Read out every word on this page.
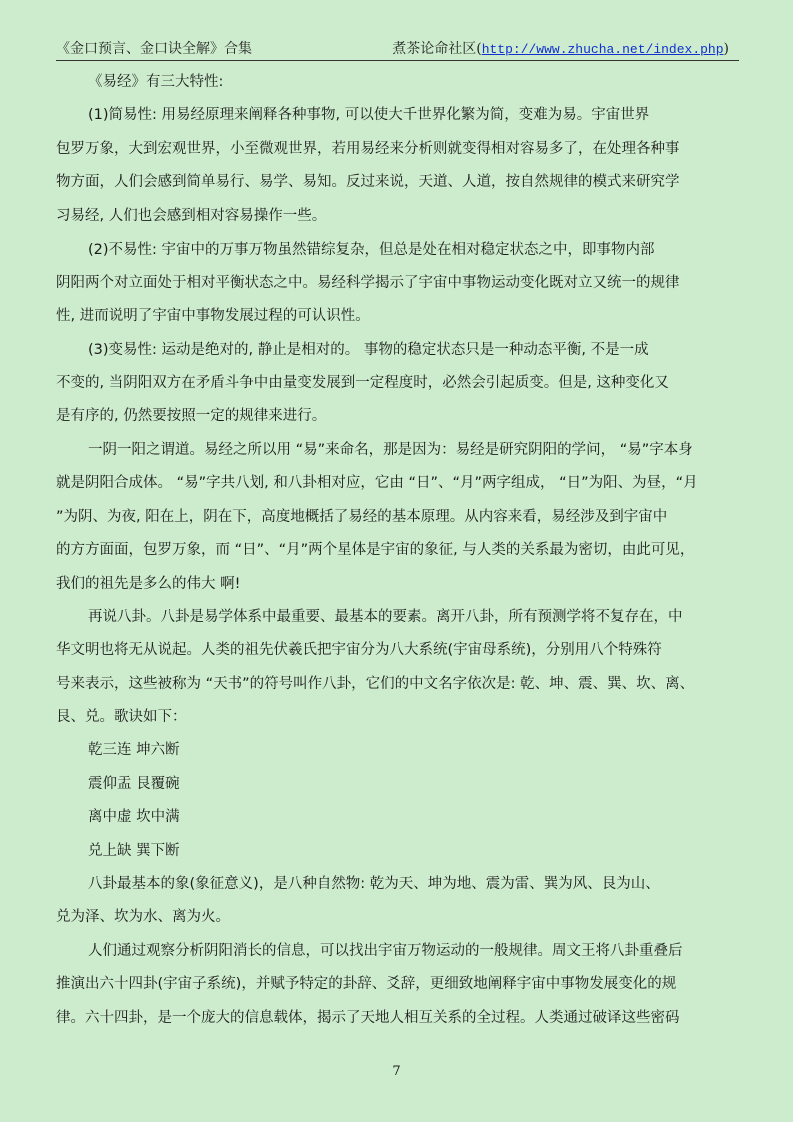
《金口预言、金口诀全解》合集	煮茶论命社区(http://www.zhucha.net/index.php)
《易经》有三大特性:
(1)简易性: 用易经原理来阐释各种事物, 可以使大千世界化繁为简，变难为易。宇宙世界
包罗万象，大到宏观世界，小至微观世界，若用易经来分析则就变得相对容易多了，在处理各种事
物方面，人们会感到简单易行、易学、易知。反过来说，天道、人道，按自然规律的模式来研究学
习易经, 人们也会感到相对容易操作一些。
(2)不易性: 宇宙中的万事万物虽然错综复杂，但总是处在相对稳定状态之中，即事物内部
阴阳两个对立面处于相对平衡状态之中。易经科学揭示了宇宙中事物运动变化既对立又统一的规律
性, 进而说明了宇宙中事物发展过程的可认识性。
(3)变易性: 运动是绝对的, 静止是相对的。 事物的稳定状态只是一种动态平衡, 不是一成
不变的, 当阴阳双方在矛盾斗争中由量变发展到一定程度时，必然会引起质变。但是, 这种变化又
是有序的, 仍然要按照一定的规律来进行。
一阴一阳之谓道。易经之所以用 “易”来命名，那是因为：易经是研究阴阳的学问， “易”字本身
就是阴阳合成体。 “易”字共八划, 和八卦相对应，它由 “日”、“月”两字组成， “日”为阳、为昼，“月
”为阴、为夜, 阳在上，阴在下，高度地概括了易经的基本原理。从内容来看，易经涉及到宇宙中
的方方面面，包罗万象，而 “日”、“月”两个星体是宇宙的象征, 与人类的关系最为密切，由此可见，
我们的祖先是多么的伟大 啊!
再说八卦。八卦是易学体系中最重要、最基本的要素。离开八卦，所有预测学将不复存在，中
华文明也将无从说起。人类的祖先伏羲氏把宇宙分为八大系统(宇宙母系统)，分别用八个特殊符
号来表示，这些被称为 “天书”的符号叫作八卦，它们的中文名字依次是: 乾、坤、震、巽、坎、离、
艮、兑。歌诀如下：
乾三连 坤六断
震仰盂 艮覆碗
离中虚 坎中满
兑上缺 巽下断
八卦最基本的象(象征意义)，是八种自然物: 乾为天、坤为地、震为雷、巽为风、艮为山、
兑为泽、坎为水、离为火。
人们通过观察分析阴阳消长的信息，可以找出宇宙万物运动的一般规律。周文王将八卦重叠后
推演出六十四卦(宇宙子系统)，并赋予特定的卦辞、爻辞，更细致地阐释宇宙中事物发展变化的规
律。六十四卦，是一个庞大的信息载体，揭示了天地人相互关系的全过程。人类通过破译这些密码
7
